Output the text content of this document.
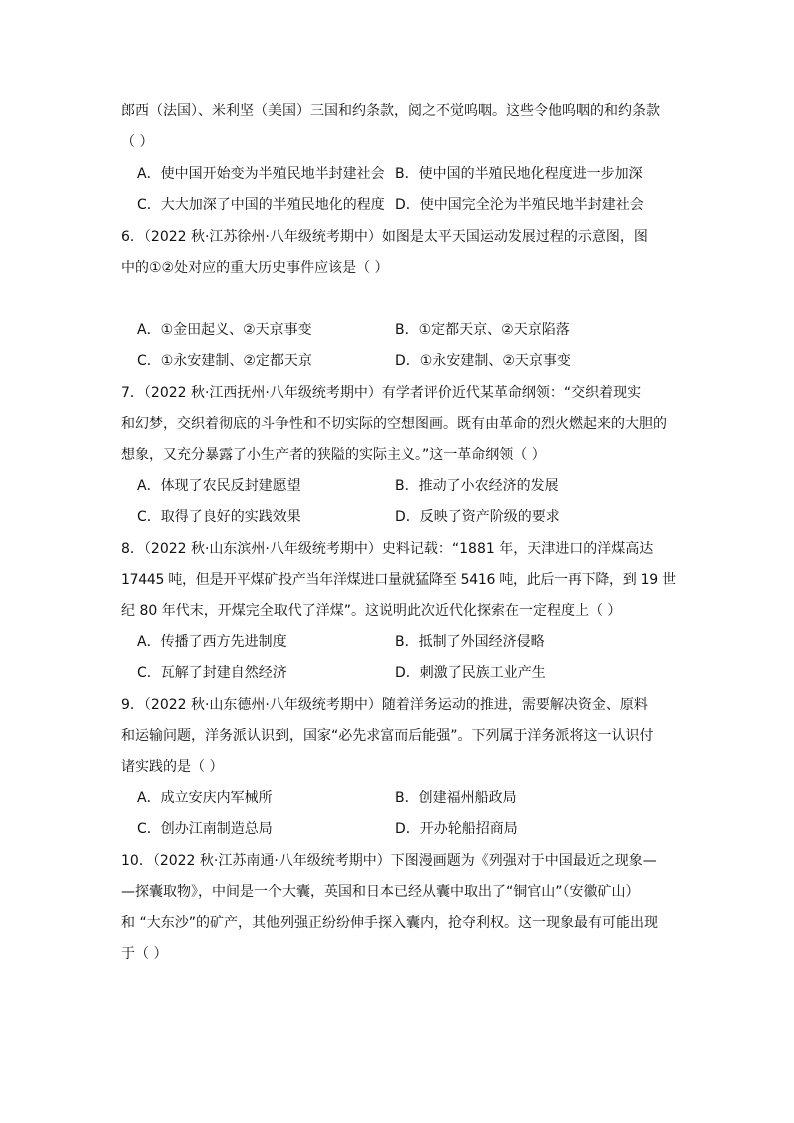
郎西（法国）、米利坚（美国）三国和约条款，阅之不觉呜咽。这些令他呜咽的和约条款
（ ）
A．使中国开始变为半殖民地半封建社会 B．使中国的半殖民地化程度进一步加深
C．大大加深了中国的半殖民地化的程度 D．使中国完全沦为半殖民地半封建社会
6．（2022 秋·江苏徐州·八年级统考期中）如图是太平天国运动发展过程的示意图，图
中的①②处对应的重大历史事件应该是（ ）
A．①金田起义、②天京事变	B．①定都天京、②天京陷落
C．①永安建制、②定都天京	D．①永安建制、②天京事变
7．（2022 秋·江西抚州·八年级统考期中）有学者评价近代某革命纲领：“交织着现实
和幻梦，交织着彻底的斗争性和不切实际的空想图画。既有由革命的烈火燃起来的大胆的
想象，又充分暴露了小生产者的狭隘的实际主义。”这一革命纲领（ ）
A．体现了农民反封建愿望	B．推动了小农经济的发展
C．取得了良好的实践效果	D．反映了资产阶级的要求
8．（2022 秋·山东滨州·八年级统考期中）史料记载：“1881 年，天津进口的洋煤高达
17445 吨，但是开平煤矿投产当年洋煤进口量就猛降至 5416 吨，此后一再下降，到 19 世
纪 80 年代末，开煤完全取代了洋煤”。这说明此次近代化探索在一定程度上（ ）
A．传播了西方先进制度	B．抵制了外国经济侵略
C．瓦解了封建自然经济	D．刺激了民族工业产生
9．（2022 秋·山东德州·八年级统考期中）随着洋务运动的推进，需要解决资金、原料
和运输问题，洋务派认识到，国家“必先求富而后能强”。下列属于洋务派将这一认识付
诸实践的是（ ）
A．成立安庆内军械所	B．创建福州船政局
C．创办江南制造总局	D．开办轮船招商局
10．（2022 秋·江苏南通·八年级统考期中）下图漫画题为《列强对于中国最近之现象—
—探囊取物》，中间是一个大囊，英国和日本已经从囊中取出了“铜官山”（安徽矿山）
和 “大东沙”的矿产，其他列强正纷纷伸手探入囊内，抢夺利权。这一现象最有可能出现
于（ ）
